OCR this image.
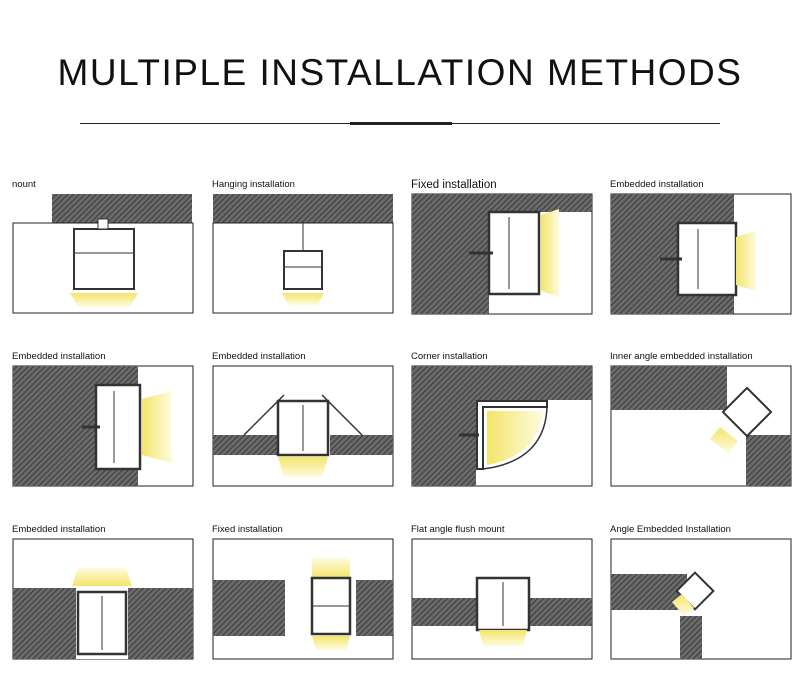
MULTIPLE INSTALLATION METHODS
nount	Hanging installation	Fixed installation	Embedded installation
Embedded installation	Embedded installation	Corner installation	Inner angle embedded installation
Embedded installation	Fixed installation	Flat angle flush mount	Angle Embedded Installation
